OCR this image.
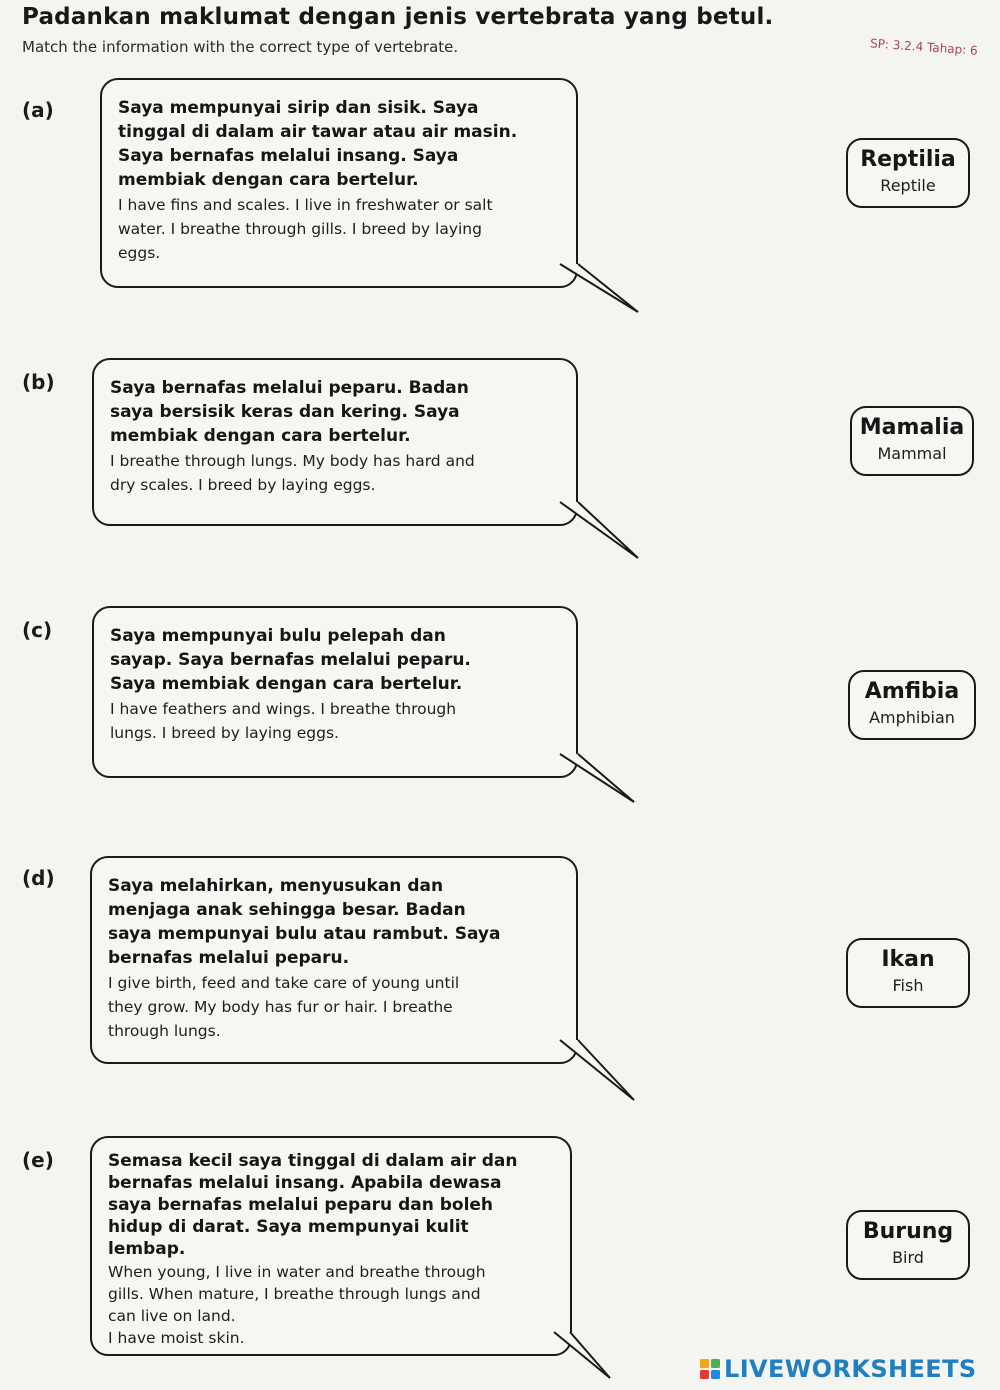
Padankan maklumat dengan jenis vertebrata yang betul.
Match the information with the correct type of vertebrate.	SP: 3.2.4 Tahap: 6
(a)	Saya mempunyai sirip dan sisik. Saya
tinggal di dalam air tawar atau air masin.
Saya bernafas melalui insang. Saya
membiak dengan cara bertelur.
I have fins and scales. I live in freshwater or salt
water. I breathe through gills. I breed by laying
eggs.
(b)	Saya bernafas melalui peparu. Badan
saya bersisik keras dan kering. Saya
membiak dengan cara bertelur.
I breathe through lungs. My body has hard and
dry scales. I breed by laying eggs.
(c)	Saya mempunyai bulu pelepah dan
sayap. Saya bernafas melalui peparu.
Saya membiak dengan cara bertelur.
I have feathers and wings. I breathe through
lungs. I breed by laying eggs.
(d)	Saya melahirkan, menyusukan dan
menjaga anak sehingga besar. Badan
saya mempunyai bulu atau rambut. Saya
bernafas melalui peparu.
I give birth, feed and take care of young until
they grow. My body has fur or hair. I breathe
through lungs.
(e)	Semasa kecil saya tinggal di dalam air dan
bernafas melalui insang. Apabila dewasa
saya bernafas melalui peparu dan boleh
hidup di darat. Saya mempunyai kulit
lembap.
When young, I live in water and breathe through
gills. When mature, I breathe through lungs and
can live on land.
I have moist skin.
Reptilia
Reptile
Mamalia
Mammal
Amfibia
Amphibian
Ikan
Fish
Burung
Bird
LIVEWORKSHEETS
